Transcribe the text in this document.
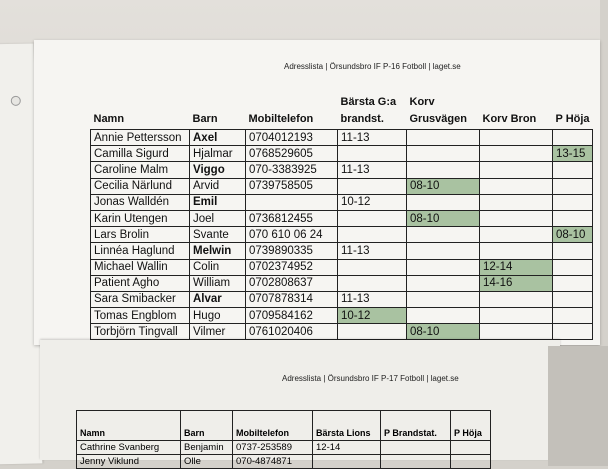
Adresslista | Örsundsbro IF P-16 Fotboll | laget.se
Namn	Barn	Mobiltelefon	Bärsta G:a brandst.	Korv Grusvägen	Korv Bron	P Höja
Annie Pettersson	Axel	0704012193	11-13			
Camilla Sigurd	Hjalmar	0768529605				13-15
Caroline Malm	Viggo	070-3383925	11-13			
Cecilia Närlund	Arvid	0739758505		08-10		
Jonas Walldén	Emil		10-12			
Karin Utengen	Joel	0736812455		08-10		
Lars Brolin	Svante	070 610 06 24				08-10
Linnéa Haglund	Melwin	0739890335	11-13			
Michael Wallin	Colin	0702374952			12-14	
Patient Agho	William	0702808637			14-16	
Sara Smibacker	Alvar	0707878314	11-13			
Tomas Engblom	Hugo	0709584162	10-12			
Torbjörn Tingvall	Vilmer	0761020406		08-10		
Adresslista | Örsundsbro IF P-17 Fotboll | laget.se
Namn	Barn	Mobiltelefon	Bärsta Lions	P Brandstat.	P Höja
Cathrine Svanberg	Benjamin	0737-253589	12-14		
Jenny Viklund	Olle	070-4874871			
